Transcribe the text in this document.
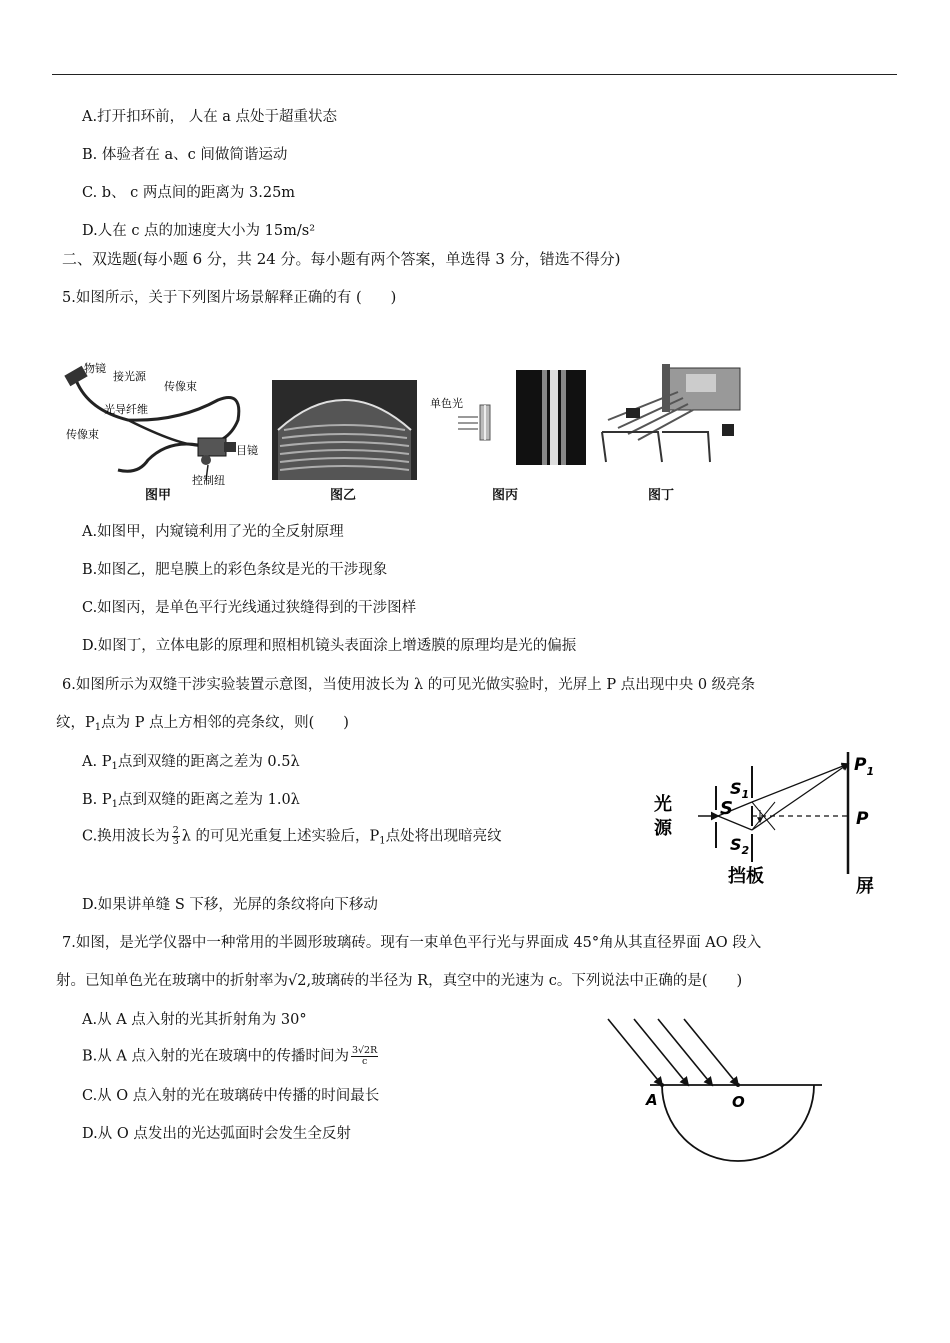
A.打开扣环前， 人在 a 点处于超重状态
B. 体验者在 a、c 间做简谐运动
C. b、 c 两点间的距离为 3.25m
D.人在 c 点的加速度大小为 15m/s²
二、双选题(每小题 6 分，共 24 分。每小题有两个答案，单选得 3 分，错选不得分)
5.如图所示，关于下列图片场景解释正确的有 (　　)
物镜
接光源
传像束
光导纤维
传像束
目镜
控制纽
图甲	图乙
单色光
图丙	图丁
A.如图甲，内窥镜利用了光的全反射原理
B.如图乙，肥皂膜上的彩色条纹是光的干涉现象
C.如图丙，是单色平行光线通过狭缝得到的干涉图样
D.如图丁，立体电影的原理和照相机镜头表面涂上增透膜的原理均是光的偏振
6.如图所示为双缝干涉实验装置示意图，当使用波长为 λ 的可见光做实验时，光屏上 P 点出现中央 0 级亮条
纹，$P_1$点为 P 点上方相邻的亮条纹，则(　　)
A. $P_1$点到双缝的距离之差为 0.5λ
B. $P_1$点到双缝的距离之差为 1.0λ
C.换用波长为 $\frac{2}{3}$ λ 的可见光重复上述实验后，$P_1$点处将出现暗亮纹
D.如果讲单缝 S 下移，光屏的条纹将向下移动
光
源
S
$S_1$
$S_2$
$P_1$
P
挡板	屏
7.如图，是光学仪器中一种常用的半圆形玻璃砖。现有一束单色平行光与界面成 45°角从其直径界面 AO 段入
射。已知单色光在玻璃中的折射率为√2,玻璃砖的半径为 R，真空中的光速为 c。下列说法中正确的是(　　)
A.从 A 点入射的光其折射角为 30°
B.从 A 点入射的光在玻璃中的传播时间为 $\frac{3√2R}{c}$
C.从 O 点入射的光在玻璃砖中传播的时间最长
D.从 O 点发出的光达弧面时会发生全反射
A	O
